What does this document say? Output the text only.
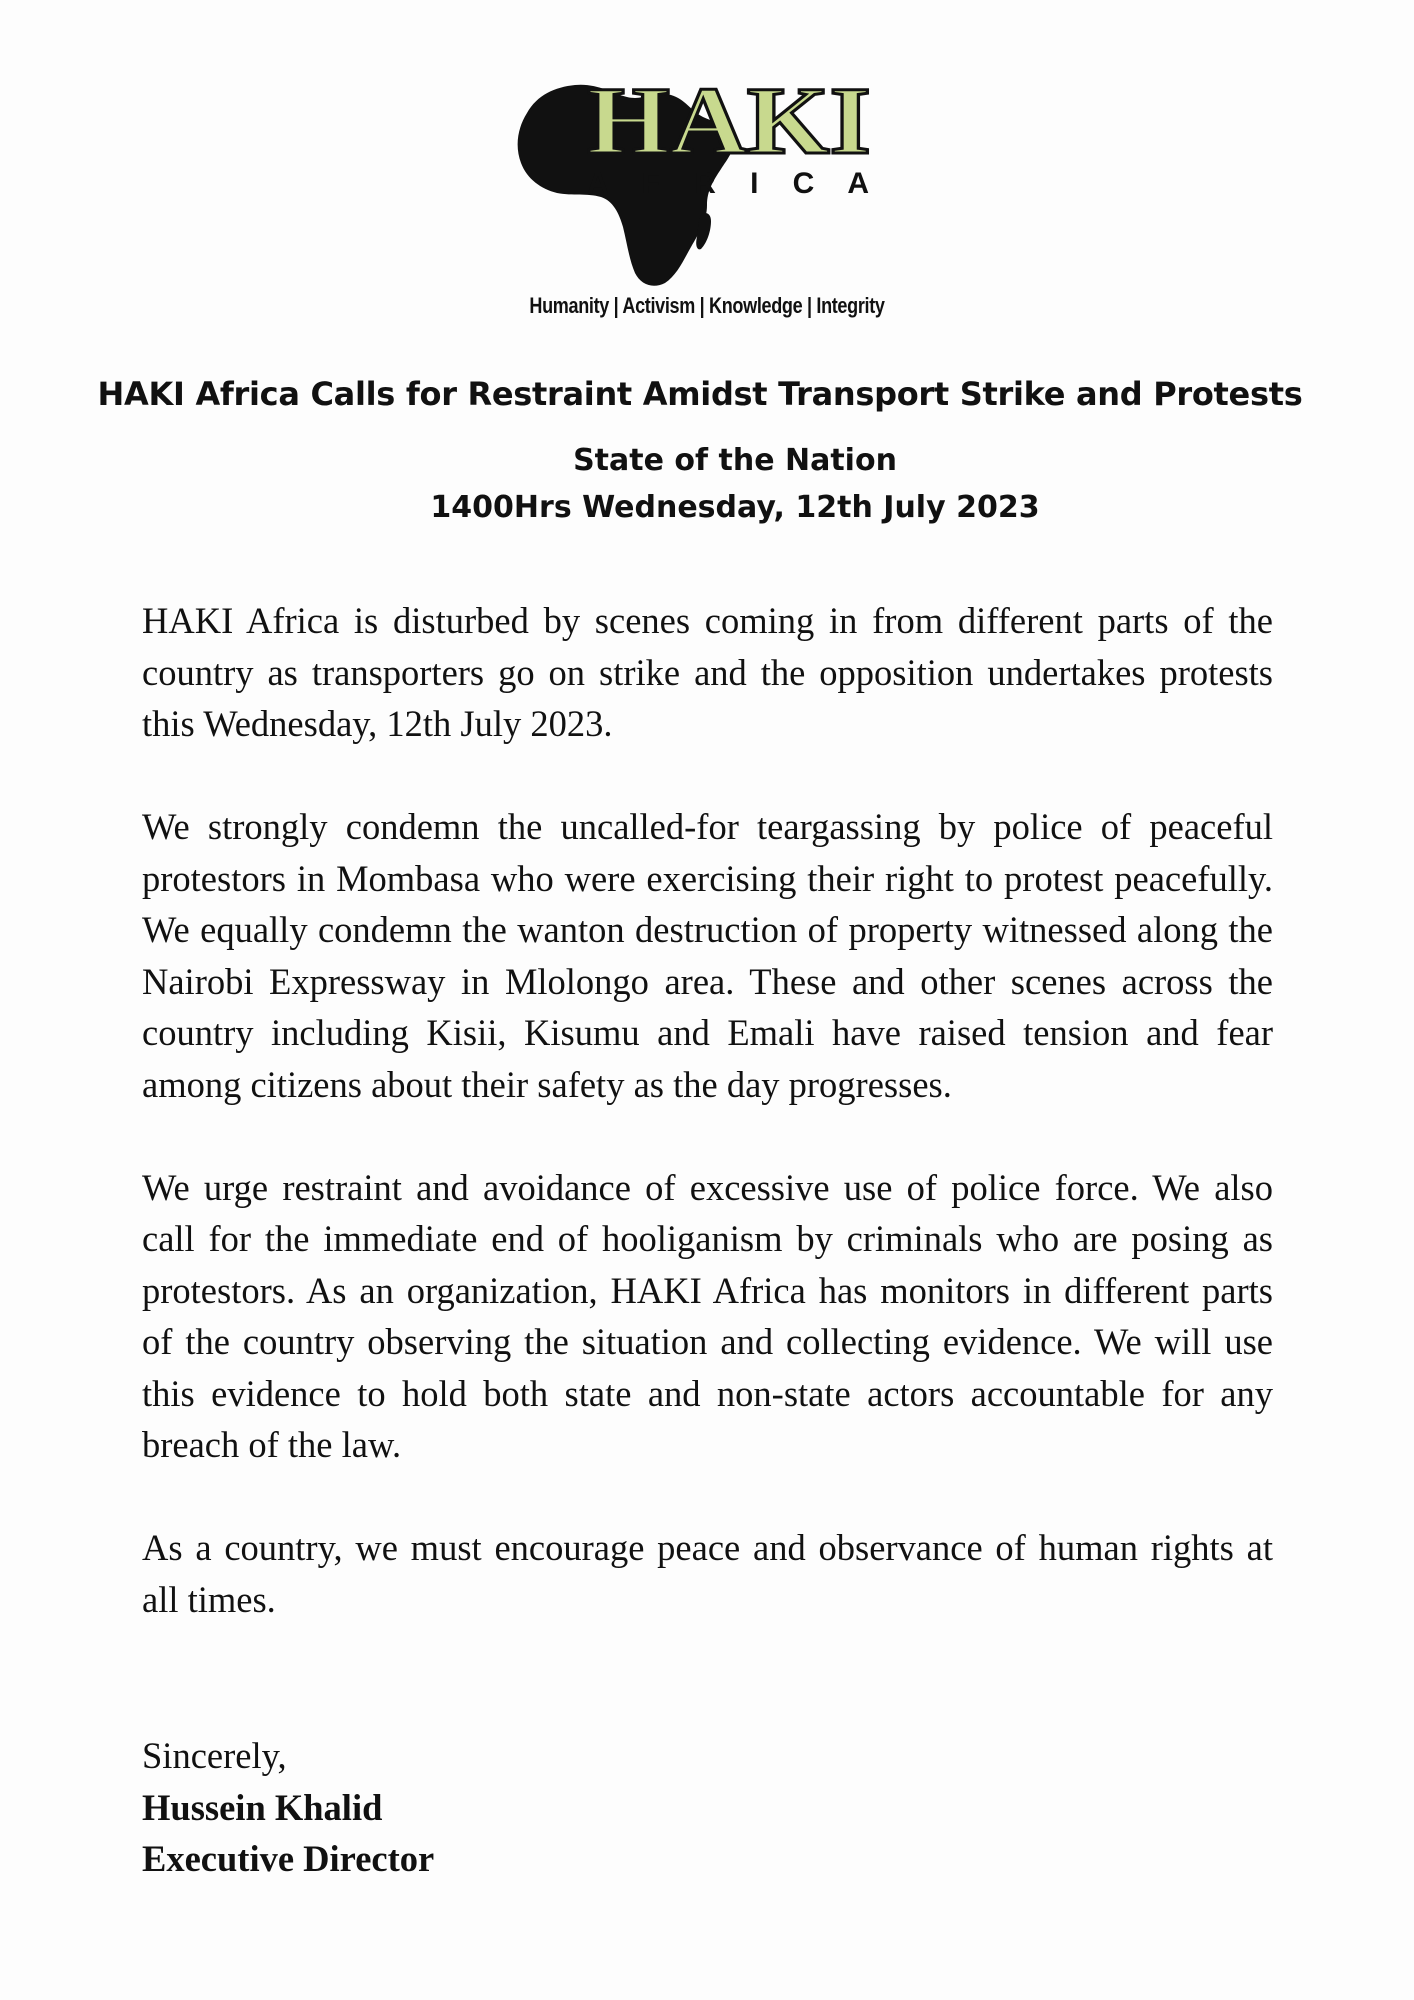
HAKI
A F R I C A
Humanity | Activism | Knowledge | Integrity
HAKI Africa Calls for Restraint Amidst Transport Strike and Protests
State of the Nation
1400Hrs Wednesday, 12th July 2023

HAKI Africa is disturbed by scenes coming in from different parts of the country as transporters go on strike and the opposition undertakes protests this Wednesday, 12th July 2023.

We strongly condemn the uncalled-for teargassing by police of peaceful protestors in Mombasa who were exercising their right to protest peacefully. We equally condemn the wanton destruction of property witnessed along the Nairobi Expressway in Mlolongo area. These and other scenes across the country including Kisii, Kisumu and Emali have raised tension and fear among citizens about their safety as the day progresses.

We urge restraint and avoidance of excessive use of police force. We also call for the immediate end of hooliganism by criminals who are posing as protestors. As an organization, HAKI Africa has monitors in different parts of the country observing the situation and collecting evidence. We will use this evidence to hold both state and non-state actors accountable for any breach of the law.

As a country, we must encourage peace and observance of human rights at all times.

Sincerely,
Hussein Khalid
Executive Director
